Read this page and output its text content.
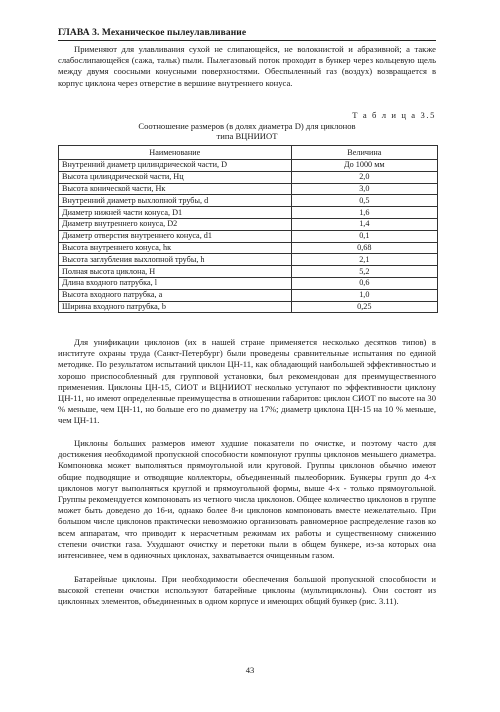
ГЛАВА 3. Механическое пылеулавливание

Применяют для улавливания сухой не слипающейся, не волокнистой и абразивной; а также слабослипающейся (сажа, тальк) пыли. Пылегазовый поток проходит в бункер через кольцевую щель между двумя соосными конусными поверхностями. Обеспыленный газ (воздух) возвращается в корпус циклона через отверстие в вершине внутреннего конуса.

Т а б л и ц а 3.5
Соотношение размеров (в долях диаметра D) для циклонов
типа ВЦНИИОТ
Наименование	Величина
Внутренний диаметр цилиндрической части, D	До 1000 мм
Высота цилиндрической части, Hц	2,0
Высота конической части, Hк	3,0
Внутренний диаметр выхлопной трубы, d	0,5
Диаметр нижней части конуса, D1	1,6
Диаметр внутреннего конуса, D2	1,4
Диаметр отверстия внутреннего конуса, d1	0,1
Высота внутреннего конуса, hк	0,68
Высота заглубления выхлопной трубы, h	2,1
Полная высота циклона, H	5,2
Длина входного патрубка, l	0,6
Высота входного патрубка, a	1,0
Ширина входного патрубка, b	0,25

Для унификации циклонов (их в нашей стране применяется несколько десятков типов) в институте охраны труда (Санкт-Петербург) были проведены сравнительные испытания по единой методике. По результатом испытаний циклон ЦН-11, как обладающий наибольшей эффективностью и хорошо приспособленный для групповой установки, был рекомендован для преимущественного применения. Циклоны ЦН-15, СИОТ и ВЦНИИОТ несколько уступают по эффективности циклону ЦН-11, но имеют определенные преимущества в отношении габаритов: циклон СИОТ по высоте на 30 % меньше, чем ЦН-11, но больше его по диаметру на 17%; диаметр циклона ЦН-15 на 10 % меньше, чем ЦН-11.

Циклоны больших размеров имеют худшие показатели по очистке, и поэтому часто для достижения необходимой пропускной способности компонуют группы циклонов меньшего диаметра. Компоновка может выполняться прямоугольной или круговой. Группы циклонов обычно имеют общие подводящие и отводящие коллекторы, объединенный пылеоборник. Бункеры групп до 4-х циклонов могут выполняться круглой и прямоугольной формы, выше 4-х - только прямоугольной. Группы рекомендуется компоновать из четного числа циклонов. Общее количество циклонов в группе может быть доведено до 16-и, однако более 8-и циклонов компоновать вместе нежелательно. При большом числе циклонов практически невозможно организовать равномерное распределение газов ко всем аппаратам, что приводит к нерасчетным режимам их работы и существенному снижению степени очистки газа. Ухудшают очистку и перетоки пыли в общем бункере, из-за которых она интенсивнее, чем в одиночных циклонах, захватывается очищенным газом.

Батарейные циклоны. При необходимости обеспечения большой пропускной способности и высокой степени очистки используют батарейные циклоны (мультициклоны). Они состоят из циклонных элементов, объединенных в одном корпусе и имеющих общий бункер (рис. 3.11).

43
